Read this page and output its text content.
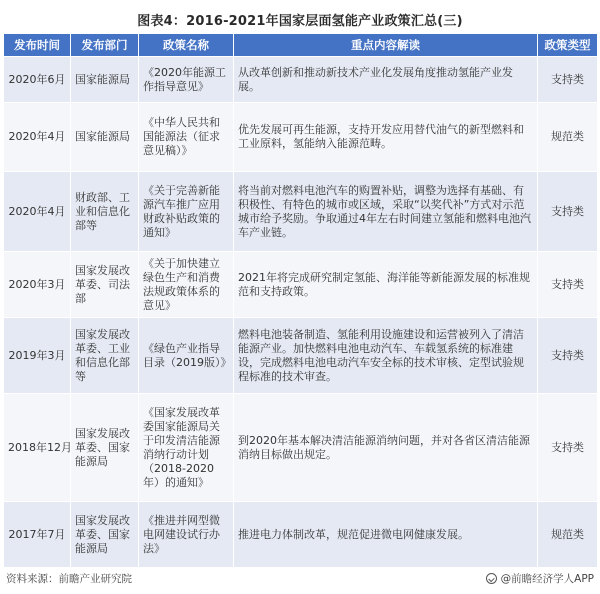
图表4：2016-2021年国家层面氢能产业政策汇总(三)
发布时间	发布部门	政策名称	重点内容解读	政策类型
2020年6月	国家能源局	《2020年能源工作指导意见》	从改革创新和推动新技术产业化发展角度推动氢能产业发展。	支持类
2020年4月	国家能源局	《中华人民共和国能源法（征求意见稿）》	优先发展可再生能源，支持开发应用替代油气的新型燃料和工业原料，氢能纳入能源范畴。	规范类
2020年4月	财政部、工业和信息化部等	《关于完善新能源汽车推广应用财政补贴政策的通知》	将当前对燃料电池汽车的购置补贴，调整为选择有基础、有积极性、有特色的城市或区域，采取“以奖代补”方式对示范城市给予奖励。争取通过4年左右时间建立氢能和燃料电池汽车产业链。	支持类
2020年3月	国家发展改革委、司法部	《关于加快建立绿色生产和消费法规政策体系的意见》	2021年将完成研究制定氢能、海洋能等新能源发展的标准规范和支持政策。	支持类
2019年3月	国家发展改革委、工业和信息化部等	《绿色产业指导目录（2019版）》	燃料电池装备制造、氢能利用设施建设和运营被列入了清洁能源产业。加快燃料电池电动汽车、车载氢系统的标准建设，完成燃料电池电动汽车安全标的技术审核、定型试验规程标准的技术审查。	支持类
2018年12月	国家发展改革委、国家能源局	《国家发展改革委国家能源局关于印发清洁能源消纳行动计划（2018-2020年）的通知》	到2020年基本解决清洁能源消纳问题，并对各省区清洁能源消纳目标做出规定。	支持类
2017年7月	国家发展改革委、国家能源局	《推进并网型微电网建设试行办法》	推进电力体制改革，规范促进微电网健康发展。	规范类
资料来源：前瞻产业研究院	@前瞻经济学人APP
